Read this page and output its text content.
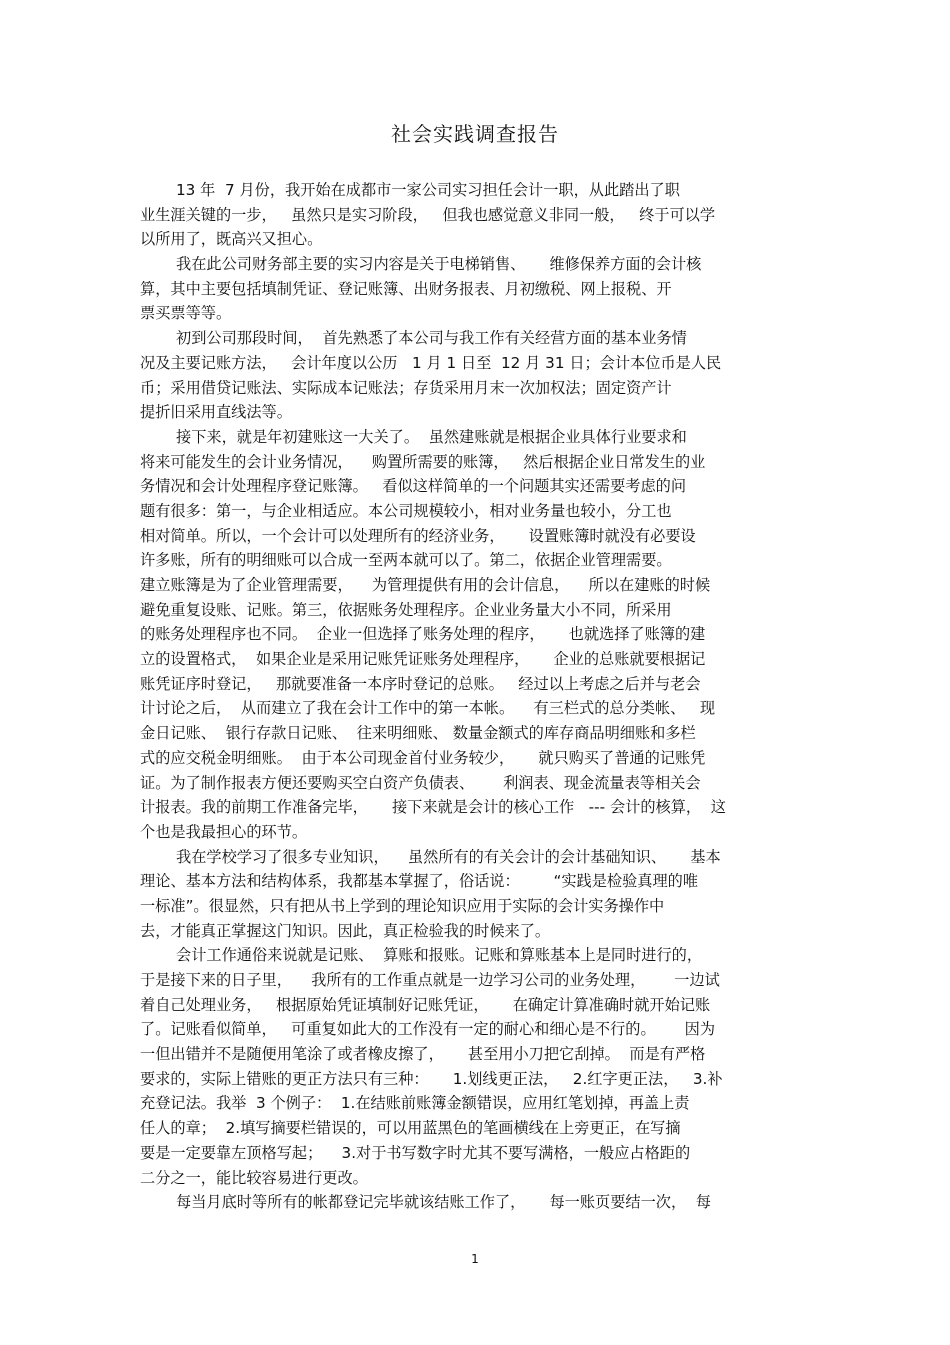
社会实践调查报告
13 年  7 月份，我开始在成都市一家公司实习担任会计一职，从此踏出了职
业生涯关键的一步，   虽然只是实习阶段，   但我也感觉意义非同一般，   终于可以学
以所用了，既高兴又担心。
我在此公司财务部主要的实习内容是关于电梯销售、     维修保养方面的会计核
算，其中主要包括填制凭证、登记账簿、出财务报表、月初缴税、网上报税、开
票买票等等。
初到公司那段时间，  首先熟悉了本公司与我工作有关经营方面的基本业务情
况及主要记账方法，   会计年度以公历   1 月 1 日至  12 月 31 日；会计本位币是人民
币；采用借贷记账法、实际成本记账法；存货采用月末一次加权法；固定资产计
提折旧采用直线法等。
接下来，就是年初建账这一大关了。  虽然建账就是根据企业具体行业要求和
将来可能发生的会计业务情况，    购置所需要的账簿，   然后根据企业日常发生的业
务情况和会计处理程序登记账簿。   看似这样简单的一个问题其实还需要考虑的问
题有很多：第一，与企业相适应。本公司规模较小，相对业务量也较小，分工也
相对简单。所以，一个会计可以处理所有的经济业务，     设置账簿时就没有必要设
许多账，所有的明细账可以合成一至两本就可以了。第二，依据企业管理需要。
建立账簿是为了企业管理需要，    为管理提供有用的会计信息，    所以在建账的时候
避免重复设账、记账。第三，依据账务处理程序。企业业务量大小不同，所采用
的账务处理程序也不同。  企业一但选择了账务处理的程序，     也就选择了账簿的建
立的设置格式，  如果企业是采用记账凭证账务处理程序，     企业的总账就要根据记
账凭证序时登记，   那就要准备一本序时登记的总账。   经过以上考虑之后并与老会
计讨论之后，  从而建立了我在会计工作中的第一本帐。    有三栏式的总分类帐、   现
金日记账、  银行存款日记账、  往来明细账、 数量金额式的库存商品明细账和多栏
式的应交税金明细账。  由于本公司现金首付业务较少，     就只购买了普通的记账凭
证。为了制作报表方便还要购买空白资产负债表、      利润表、现金流量表等相关会
计报表。我的前期工作准备完毕，     接下来就是会计的核心工作   --- 会计的核算，  这
个也是我最担心的环节。
我在学校学习了很多专业知识，    虽然所有的有关会计的会计基础知识、     基本
理论、基本方法和结构体系，我都基本掌握了，俗话说：       “实践是检验真理的唯
一标准”。很显然，只有把从书上学到的理论知识应用于实际的会计实务操作中
去，才能真正掌握这门知识。因此，真正检验我的时候来了。
会计工作通俗来说就是记账、  算账和报账。记账和算账基本上是同时进行的，
于是接下来的日子里，    我所有的工作重点就是一边学习公司的业务处理，      一边试
着自己处理业务，   根据原始凭证填制好记账凭证，     在确定计算准确时就开始记账
了。记账看似简单，   可重复如此大的工作没有一定的耐心和细心是不行的。      因为
一但出错并不是随便用笔涂了或者橡皮擦了，     甚至用小刀把它刮掉。  而是有严格
要求的，实际上错账的更正方法只有三种：     1.划线更正法，   2.红字更正法，   3.补
充登记法。我举  3 个例子：  1.在结账前账簿金额错误，应用红笔划掉，再盖上责
任人的章；  2.填写摘要栏错误的，可以用蓝黑色的笔画横线在上旁更正，在写摘
要是一定要靠左顶格写起；    3.对于书写数字时尤其不要写满格，一般应占格距的
二分之一，能比较容易进行更改。
每当月底时等所有的帐都登记完毕就该结账工作了，     每一账页要结一次，  每
1
